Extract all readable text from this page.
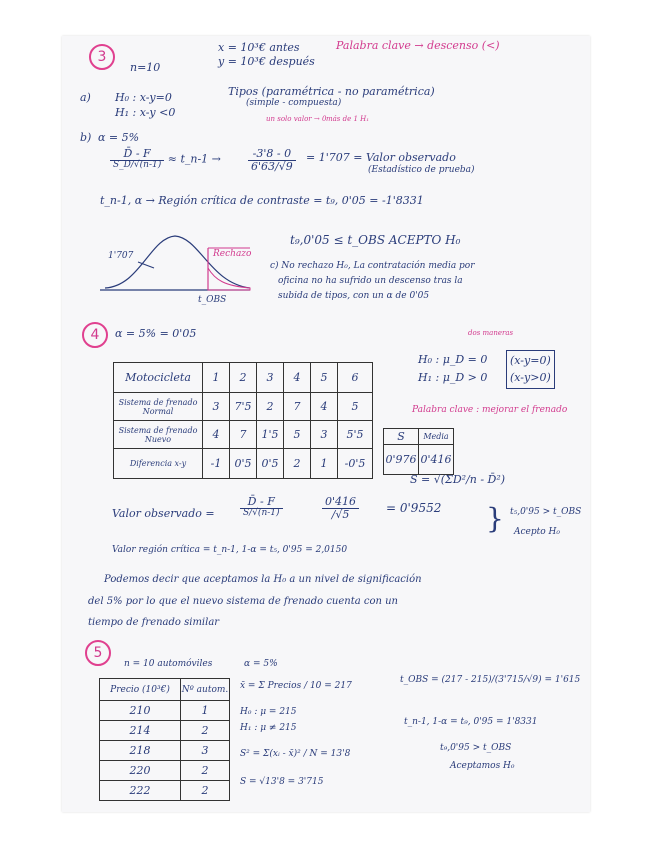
3
n=10
x = 10³€ antes
y = 10³€ después
Palabra clave → descenso (<)
a) H₀ : x-y=0
H₁ : x-y <0
Tipos (paramétrica - no paramétrica)
(simple - compuesta)
un solo valor → 0 más de 1 H₁
b) α = 5%
$\frac{D̄ - F}{S\_D/√(n-1)}$ ≈ t_n-1 → $\frac{-3'8 - 0}{6'63/√9} = 1'707$ = Valor observado
(Estadístico de prueba)
t_n-1, α → Región crítica de contraste = t₉, 0'05 = -1'8331
1'707	Rechazo
t_OBS
t₉,0'05 ≤ t_OBS ACEPTO H₀
c) No rechazo H₀, La contratación media por
oficina no ha sufrido un descenso tras la
subida de tipos, con un α de 0'05
4	α = 5% = 0'05	dos maneras
H₀ : μ_D = 0
H₁ : μ_D > 0
(x-y=0)
(x-y>0)
Palabra clave : mejorar el frenado
Motocicleta	1	2	3	4	5	6
Sistema de frenado Normal	3	7'5	2	7	4	5
Sistema de frenado Nuevo	4	7	1'5	5	3	5'5
Diferencia x-y	-1	0'5	0'5	2	1	-0'5
S	Media
0'976	0'416
S = √(ΣD²/n - D̄²)
Valor observado = $\frac{D̄ - F}{S/√(n-1)}$	$\frac{0'416}{/√5} = 0'9552$
Valor región crítica = t_n-1, 1-α = t₅, 0'95 = 2,0150
} t₅,0'95 > t_OBS
Acepto H₀
Podemos decir que aceptamos la H₀ a un nivel de significación
del 5% por lo que el nuevo sistema de frenado cuenta con un
tiempo de frenado similar
5
n = 10 automóviles	α = 5%
Precio (10³€)	Nº autom.
210	1
214	2
218	3
220	2
222	2
x̄ = Σ Precios / 10 = 217
H₀ : μ = 215
H₁ : μ ≠ 215
S² = Σ(xᵢ - x̄)² / N = 13'8
S = √13'8 = 3'715
t_OBS = (217 - 215)/(3'715/√9) = 1'615
t_n-1, 1-α = t₉, 0'95 = 1'8331
t₉,0'95 > t_OBS
Aceptamos H₀
